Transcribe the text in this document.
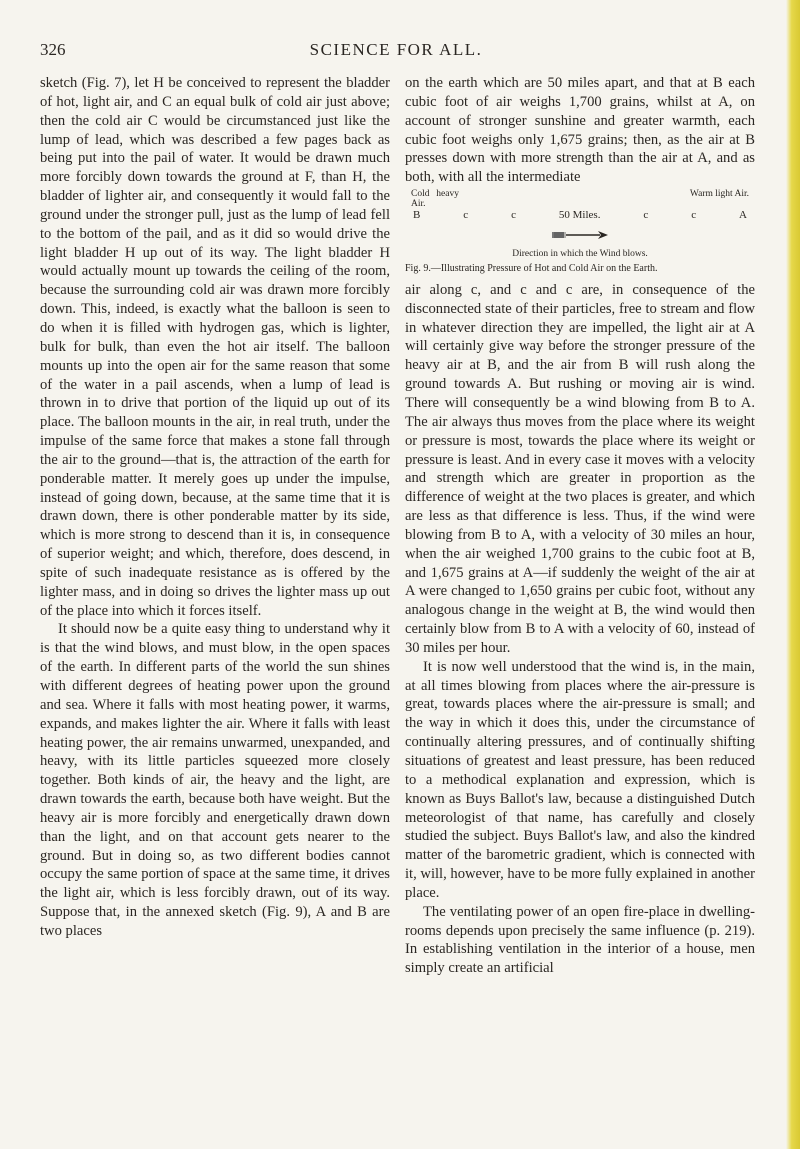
326	SCIENCE FOR ALL.

sketch (Fig. 7), let H be conceived to represent the bladder of hot, light air, and C an equal bulk of cold air just above; then the cold air C would be circumstanced just like the lump of lead, which was described a few pages back as being put into the pail of water. It would be drawn much more forcibly down towards the ground at F, than H, the bladder of lighter air, and consequently it would fall to the ground under the stronger pull, just as the lump of lead fell to the bottom of the pail, and as it did so would drive the light bladder H up out of its way. The light bladder H would actually mount up towards the ceiling of the room, because the surrounding cold air was drawn more forcibly down. This, indeed, is exactly what the balloon is seen to do when it is filled with hydrogen gas, which is lighter, bulk for bulk, than even the hot air itself. The balloon mounts up into the open air for the same reason that some of the water in a pail ascends, when a lump of lead is thrown in to drive that portion of the liquid up out of its place. The balloon mounts in the air, in real truth, under the impulse of the same force that makes a stone fall through the air to the ground—that is, the attraction of the earth for ponderable matter. It merely goes up under the impulse, instead of going down, because, at the same time that it is drawn down, there is other ponderable matter by its side, which is more strong to descend than it is, in consequence of superior weight; and which, therefore, does descend, in spite of such inadequate resistance as is offered by the lighter mass, and in doing so drives the lighter mass up out of the place into which it forces itself.

It should now be a quite easy thing to understand why it is that the wind blows, and must blow, in the open spaces of the earth. In different parts of the world the sun shines with different degrees of heating power upon the ground and sea. Where it falls with most heating power, it warms, expands, and makes lighter the air. Where it falls with least heating power, the air remains unwarmed, unexpanded, and heavy, with its little particles squeezed more closely together. Both kinds of air, the heavy and the light, are drawn towards the earth, because both have weight. But the heavy air is more forcibly and energetically drawn down than the light, and on that account gets nearer to the ground. But in doing so, as two different bodies cannot occupy the same portion of space at the same time, it drives the light air, which is less forcibly drawn, out of its way. Suppose that, in the annexed sketch (Fig. 9), A and B are two places

on the earth which are 50 miles apart, and that at B each cubic foot of air weighs 1,700 grains, whilst at A, on account of stronger sunshine and greater warmth, each cubic foot weighs only 1,675 grains; then, as the air at B presses down with more strength than the air at A, and as both, with all the intermediate

Cold heavy Air.
Warm light Air.
B	c	c	50 Miles.	c	c	A
Direction in which the Wind blows.
Fig. 9.—Illustrating Pressure of Hot and Cold Air on the Earth.

air along c, and c and c are, in consequence of the disconnected state of their particles, free to stream and flow in whatever direction they are impelled, the light air at A will certainly give way before the stronger pressure of the heavy air at B, and the air from B will rush along the ground towards A. But rushing or moving air is wind. There will consequently be a wind blowing from B to A. The air always thus moves from the place where its weight or pressure is most, towards the place where its weight or pressure is least. And in every case it moves with a velocity and strength which are greater in proportion as the difference of weight at the two places is greater, and which are less as that difference is less. Thus, if the wind were blowing from B to A, with a velocity of 30 miles an hour, when the air weighed 1,700 grains to the cubic foot at B, and 1,675 grains at A—if suddenly the weight of the air at A were changed to 1,650 grains per cubic foot, without any analogous change in the weight at B, the wind would then certainly blow from B to A with a velocity of 60, instead of 30 miles per hour.

It is now well understood that the wind is, in the main, at all times blowing from places where the air-pressure is great, towards places where the air-pressure is small; and the way in which it does this, under the circumstance of continually altering pressures, and of continually shifting situations of greatest and least pressure, has been reduced to a methodical explanation and expression, which is known as Buys Ballot's law, because a distinguished Dutch meteorologist of that name, has carefully and closely studied the subject. Buys Ballot's law, and also the kindred matter of the barometric gradient, which is connected with it, will, however, have to be more fully explained in another place.

The ventilating power of an open fire-place in dwelling-rooms depends upon precisely the same influence (p. 219). In establishing ventilation in the interior of a house, men simply create an artificial
